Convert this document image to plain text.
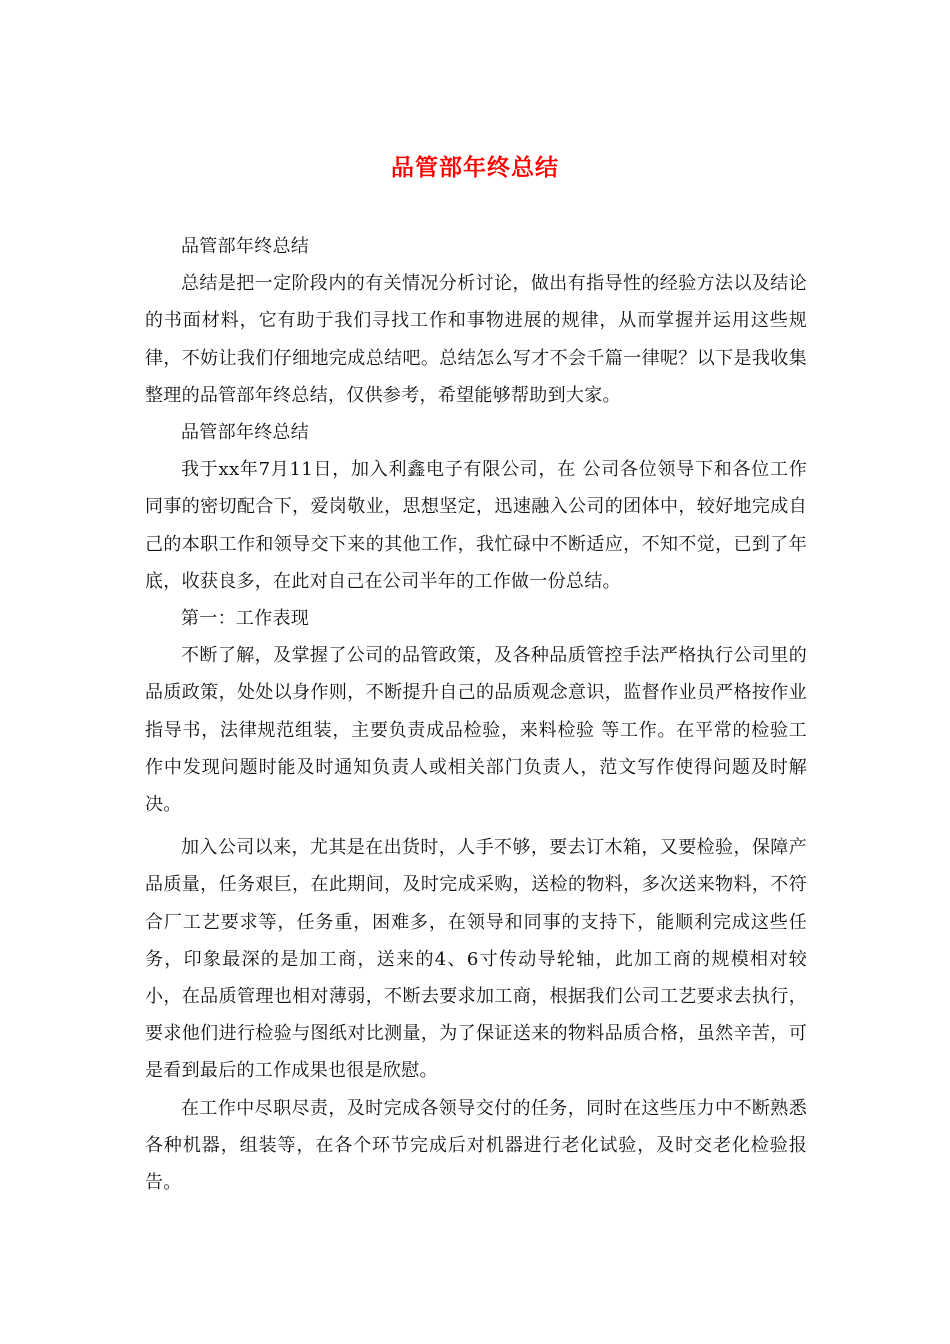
品管部年终总结

品管部年终总结

总结是把一定阶段内的有关情况分析讨论，做出有指导性的经验方法以及结论的书面材料，它有助于我们寻找工作和事物进展的规律，从而掌握并运用这些规律，不妨让我们仔细地完成总结吧。总结怎么写才不会千篇一律呢？以下是我收集整理的品管部年终总结，仅供参考，希望能够帮助到大家。

品管部年终总结

我于xx年7月11日，加入利鑫电子有限公司，在 公司各位领导下和各位工作同事的密切配合下，爱岗敬业，思想坚定，迅速融入公司的团体中，较好地完成自己的本职工作和领导交下来的其他工作，我忙碌中不断适应，不知不觉，已到了年底，收获良多，在此对自己在公司半年的工作做一份总结。

第一：工作表现

不断了解，及掌握了公司的品管政策，及各种品质管控手法严格执行公司里的品质政策，处处以身作则，不断提升自己的品质观念意识，监督作业员严格按作业指导书，法律规范组装，主要负责成品检验，来料检验 等工作。在平常的检验工作中发现问题时能及时通知负责人或相关部门负责人，范文写作使得问题及时解决。

加入公司以来，尤其是在出货时，人手不够，要去订木箱，又要检验，保障产品质量，任务艰巨，在此期间，及时完成采购，送检的物料，多次送来物料，不符合厂工艺要求等，任务重，困难多，在领导和同事的支持下，能顺利完成这些任务，印象最深的是加工商，送来的4、6寸传动导轮轴，此加工商的规模相对较小，在品质管理也相对薄弱，不断去要求加工商，根据我们公司工艺要求去执行，要求他们进行检验与图纸对比测量，为了保证送来的物料品质合格，虽然辛苦，可是看到最后的工作成果也很是欣慰。

在工作中尽职尽责，及时完成各领导交付的任务，同时在这些压力中不断熟悉各种机器，组装等，在各个环节完成后对机器进行老化试验，及时交老化检验报告。
